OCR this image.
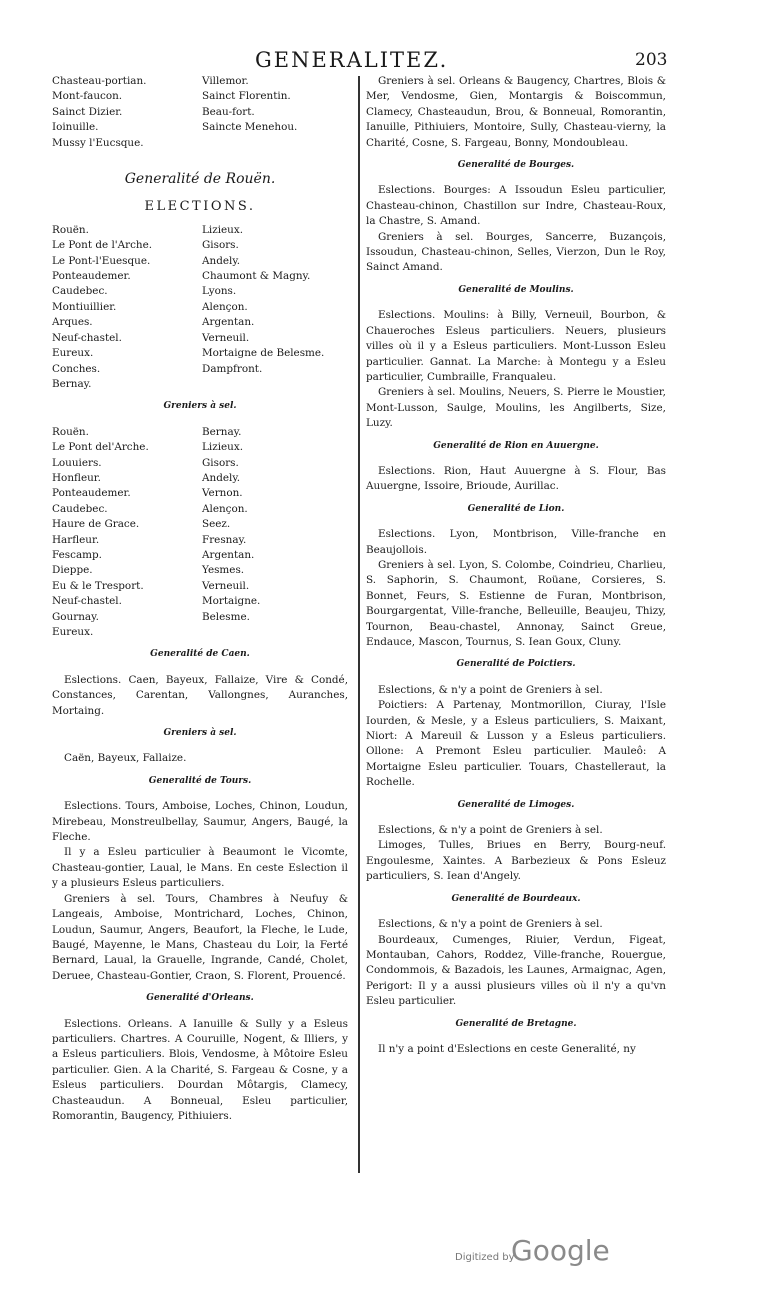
GENERALITEZ.	203
Chasteau-portian.	Villemor.
Mont-faucon.	Sainct Florentin.
Sainct Dizier.	Beau-fort.
Ioinuille.	Saincte Menehou.
Mussy l'Eucsque.
Generalité de Rouën.
ELECTIONS.
Rouën.	Lizieux.
Le Pont de l'Arche.	Gisors.
Le Pont-l'Euesque.	Andely.
Ponteaudemer.	Chaumont & Magny.
Caudebec.	Lyons.
Montiuillier.	Alençon.
Arques.	Argentan.
Neuf-chastel.	Verneuil.
Eureux.	Mortaigne de Belesme.
Conches.	Dampfront.
Bernay.
Greniers à sel.
Rouën.	Bernay.
Le Pont del'Arche.	Lizieux.
Louuiers.	Gisors.
Honfleur.	Andely.
Ponteaudemer.	Vernon.
Caudebec.	Alençon.
Haure de Grace.	Seez.
Harfleur.	Fresnay.
Fescamp.	Argentan.
Dieppe.	Yesmes.
Eu & le Tresport.	Verneuil.
Neuf-chastel.	Mortaigne.
Gournay.	Belesme.
Eureux.
Generalité de Caen.

Eslections. Caen, Bayeux, Fallaize, Vire & Condé, Constances, Carentan, Vallongnes, Auranches, Mortaing.

Greniers à sel.

Caën, Bayeux, Fallaize.

Generalité de Tours.

Eslections. Tours, Amboise, Loches, Chinon, Loudun, Mirebeau, Monstreulbellay, Saumur, Angers, Baugé, la Fleche.

Il y a Esleu particulier à Beaumont le Vicomte, Chasteau-gontier, Laual, le Mans. En ceste Eslection il y a plusieurs Esleus particuliers.

Greniers à sel. Tours, Chambres à Neufuy & Langeais, Amboise, Montrichard, Loches, Chinon, Loudun, Saumur, Angers, Beaufort, la Fleche, le Lude, Baugé, Mayenne, le Mans, Chasteau du Loir, la Ferté Bernard, Laual, la Grauelle, Ingrande, Candé, Cholet, Deruee, Chasteau-Gontier, Craon, S. Florent, Prouencé.

Generalité d'Orleans.

Eslections. Orleans. A Ianuille & Sully y a Esleus particuliers. Chartres. A Couruille, Nogent, & Illiers, y a Esleus particuliers. Blois, Vendosme, à Môtoire Esleu particulier. Gien. A la Charité, S. Fargeau & Cosne, y a Esleus particuliers. Dourdan Môtargis, Clamecy, Chasteaudun. A Bonneual, Esleu particulier, Romorantin, Baugency, Pithiuiers.

Greniers à sel. Orleans & Baugency, Chartres, Blois & Mer, Vendosme, Gien, Montargis & Boiscommun, Clamecy, Chasteaudun, Brou, & Bonneual, Romorantin, Ianuille, Pithiuiers, Montoire, Sully, Chasteau-vierny, la Charité, Cosne, S. Fargeau, Bonny, Mondoubleau.

Generalité de Bourges.

Eslections. Bourges: A Issoudun Esleu particulier, Chasteau-chinon, Chastillon sur Indre, Chasteau-Roux, la Chastre, S. Amand.

Greniers à sel. Bourges, Sancerre, Buzançois, Issoudun, Chasteau-chinon, Selles, Vierzon, Dun le Roy, Sainct Amand.

Generalité de Moulins.

Eslections. Moulins: à Billy, Verneuil, Bourbon, & Chaueroches Esleus particuliers. Neuers, plusieurs villes où il y a Esleus particuliers. Mont-Lusson Esleu particulier. Gannat. La Marche: à Montegu y a Esleu particulier, Cumbraille, Franqualeu.

Greniers à sel. Moulins, Neuers, S. Pierre le Moustier, Mont-Lusson, Saulge, Moulins, les Angilberts, Size, Luzy.

Generalité de Rion en Auuergne.

Eslections. Rion, Haut Auuergne à S. Flour, Bas Auuergne, Issoire, Brioude, Aurillac.

Generalité de Lion.

Eslections. Lyon, Montbrison, Ville-franche en Beaujollois.

Greniers à sel. Lyon, S. Colombe, Coindrieu, Charlieu, S. Saphorin, S. Chaumont, Roüane, Corsieres, S. Bonnet, Feurs, S. Estienne de Furan, Montbrison, Bourgargentat, Ville-franche, Belleuille, Beaujeu, Thizy, Tournon, Beau-chastel, Annonay, Sainct Greue, Endauce, Mascon, Tournus, S. Iean Goux, Cluny.

Generalité de Poictiers.

Eslections, & n'y a point de Greniers à sel.

Poictiers: A Partenay, Montmorillon, Ciuray, l'Isle Iourden, & Mesle, y a Esleus particuliers, S. Maixant, Niort: A Mareuil & Lusson y a Esleus particuliers. Ollone: A Premont Esleu particulier. Mauleô: A Mortaigne Esleu particulier. Touars, Chastelleraut, la Rochelle.

Generalité de Limoges.

Eslections, & n'y a point de Greniers à sel.

Limoges, Tulles, Briues en Berry, Bourg-neuf. Engoulesme, Xaintes. A Barbezieux & Pons Esleuz particuliers, S. Iean d'Angely.

Generalité de Bourdeaux.

Eslections, & n'y a point de Greniers à sel.

Bourdeaux, Cumenges, Riuier, Verdun, Figeat, Montauban, Cahors, Roddez, Ville-franche, Rouergue, Condommois, & Bazadois, les Launes, Armaignac, Agen, Perigort: Il y a aussi plusieurs villes où il n'y a qu'vn Esleu particulier.

Generalité de Bretagne.

Il n'y a point d'Eslections en ceste Generalité, ny

Digitized by
Google
